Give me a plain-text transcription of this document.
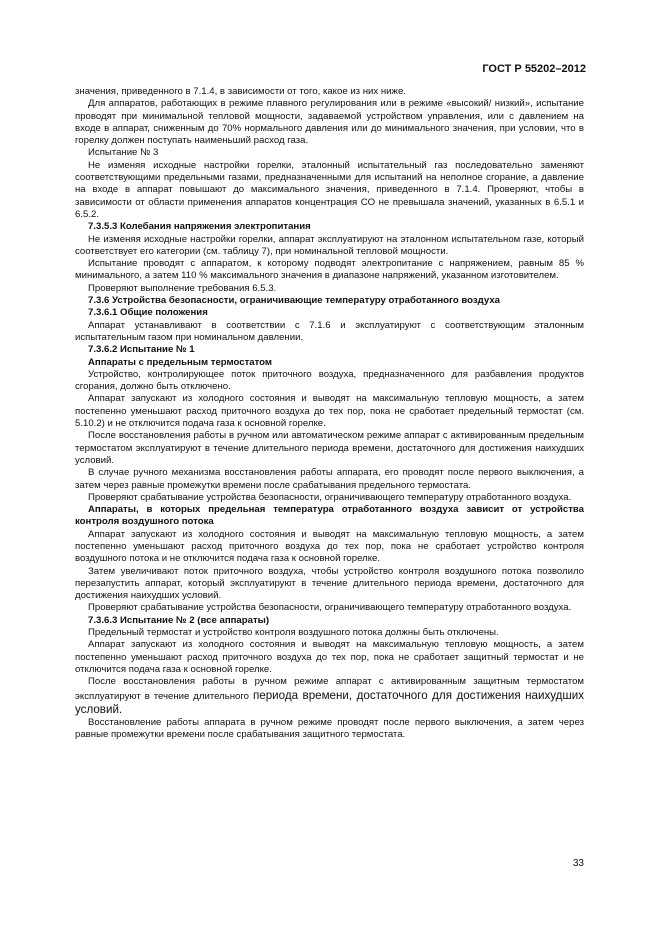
ГОСТ Р 55202–2012

значения, приведенного в 7.1.4, в зависимости от того, какое из них ниже.

Для аппаратов, работающих в режиме плавного регулирования или в режиме «высокий/ низкий», испытание проводят при минимальной тепловой мощности, задаваемой устройством управления, или с давлением на входе в аппарат, сниженным до 70% нормального давления или до минимального значения, при условии, что в горелку должен поступать наименьший расход газа.

Испытание № 3

Не изменяя исходные настройки горелки, эталонный испытательный газ последовательно заменяют соответствующими предельными газами, предназначенными для испытаний на неполное сгорание, а давление на входе в аппарат повышают до максимального значения, приведенного в 7.1.4. Проверяют, чтобы в зависимости от области применения аппаратов концентрация CO не превышала значений, указанных в 6.5.1 и 6.5.2.

7.3.5.3 Колебания напряжения электропитания

Не изменяя исходные настройки горелки, аппарат эксплуатируют на эталонном испытательном газе, который соответствует его категории (см. таблицу 7), при номинальной тепловой мощности.

Испытание проводят с аппаратом, к которому подводят электропитание с напряжением, равным 85 % минимального, а затем 110 % максимального значения в диапазоне напряжений, указанном изготовителем.

Проверяют выполнение требования 6.5.3.

7.3.6 Устройства безопасности, ограничивающие температуру отработанного воздуха

7.3.6.1 Общие положения

Аппарат устанавливают в соответствии с 7.1.6 и эксплуатируют с соответствующим эталонным испытательным газом при номинальном давлении.

7.3.6.2 Испытание № 1

Аппараты с предельным термостатом

Устройство, контролирующее поток приточного воздуха, предназначенного для разбавления продуктов сгорания, должно быть отключено.

Аппарат запускают из холодного состояния и выводят на максимальную тепловую мощность, а затем постепенно уменьшают расход приточного воздуха до тех пор, пока не сработает предельный термостат (см. 5.10.2) и не отключится подача газа к основной горелке.

После восстановления работы в ручном или автоматическом режиме аппарат с активированным предельным термостатом эксплуатируют в течение длительного периода времени, достаточного для достижения наихудших условий.

В случае ручного механизма восстановления работы аппарата, его проводят после первого выключения, а затем через равные промежутки времени после срабатывания предельного термостата.

Проверяют срабатывание устройства безопасности, ограничивающего температуру отработанного воздуха.

Аппараты, в которых предельная температура отработанного воздуха зависит от устройства контроля воздушного потока

Аппарат запускают из холодного состояния и выводят на максимальную тепловую мощность, а затем постепенно уменьшают расход приточного воздуха до тех пор, пока не сработает устройство контроля воздушного потока и не отключится подача газа к основной горелке.

Затем увеличивают поток приточного воздуха, чтобы устройство контроля воздушного потока позволило перезапустить аппарат, который эксплуатируют в течение длительного периода времени, достаточного для достижения наихудших условий.

Проверяют срабатывание устройства безопасности, ограничивающего температуру отработанного воздуха.

7.3.6.3 Испытание № 2 (все аппараты)

Предельный термостат и устройство контроля воздушного потока должны быть отключены.

Аппарат запускают из холодного состояния и выводят на максимальную тепловую мощность, а затем постепенно уменьшают расход приточного воздуха до тех пор, пока не сработает защитный термостат и не отключится подача газа к основной горелке.

После восстановления работы в ручном режиме аппарат с активированным защитным термостатом эксплуатируют в течение длительного периода времени, достаточного для достижения наихудших условий.

Восстановление работы аппарата в ручном режиме проводят после первого выключения, а затем через равные промежутки времени после срабатывания защитного термостата.

33
